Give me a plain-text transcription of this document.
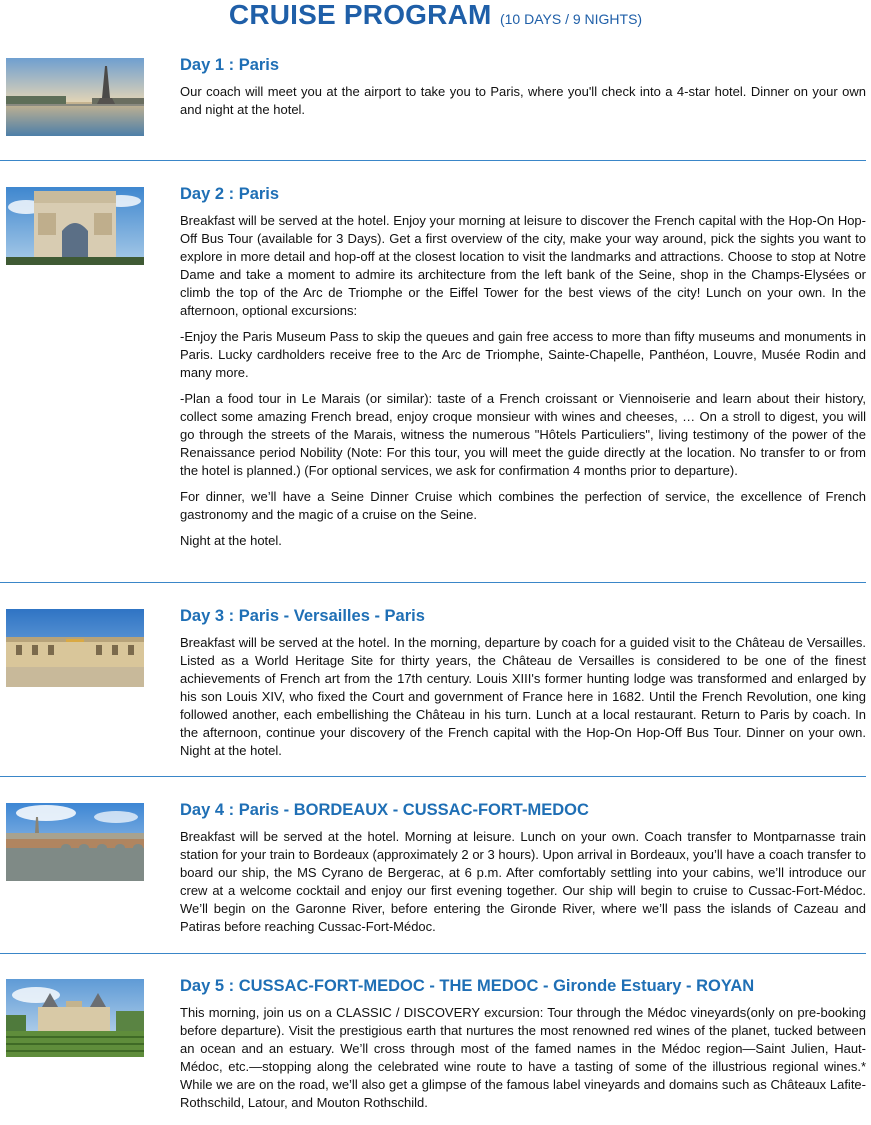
CRUISE PROGRAM (10 DAYS / 9 NIGHTS)
Day 1 : Paris

Our coach will meet you at the airport to take you to Paris, where you'll check into a 4-star hotel. Dinner on your own and night at the hotel.

Day 2 : Paris

Breakfast will be served at the hotel. Enjoy your morning at leisure to discover the French capital with the Hop-On Hop-Off Bus Tour (available for 3 Days). Get a first overview of the city, make your way around, pick the sights you want to explore in more detail and hop-off at the closest location to visit the landmarks and attractions. Choose to stop at Notre Dame and take a moment to admire its architecture from the left bank of the Seine, shop in the Champs-Elysées or climb the top of the Arc de Triomphe or the Eiffel Tower for the best views of the city! Lunch on your own. In the afternoon, optional excursions:

-Enjoy the Paris Museum Pass to skip the queues and gain free access to more than fifty museums and monuments in Paris. Lucky cardholders receive free to the Arc de Triomphe, Sainte-Chapelle, Panthéon, Louvre, Musée Rodin and many more.

-Plan a food tour in Le Marais (or similar): taste of a French croissant or Viennoiserie and learn about their history, collect some amazing French bread, enjoy croque monsieur with wines and cheeses, … On a stroll to digest, you will go through the streets of the Marais, witness the numerous "Hôtels Particuliers", living testimony of the power of the Renaissance period Nobility (Note: For this tour, you will meet the guide directly at the location. No transfer to or from the hotel is planned.) (For optional services, we ask for confirmation 4 months prior to departure).

For dinner, we’ll have a Seine Dinner Cruise which combines the perfection of service, the excellence of French gastronomy and the magic of a cruise on the Seine.

Night at the hotel.

Day 3 : Paris - Versailles - Paris

Breakfast will be served at the hotel. In the morning, departure by coach for a guided visit to the Château de Versailles. Listed as a World Heritage Site for thirty years, the Château de Versailles is considered to be one of the finest achievements of French art from the 17th century. Louis XIII's former hunting lodge was transformed and enlarged by his son Louis XIV, who fixed the Court and government of France here in 1682. Until the French Revolution, one king followed another, each embellishing the Château in his turn. Lunch at a local restaurant. Return to Paris by coach. In the afternoon, continue your discovery of the French capital with the Hop-On Hop-Off Bus Tour. Dinner on your own. Night at the hotel.

Day 4 : Paris - BORDEAUX - CUSSAC-FORT-MEDOC

Breakfast will be served at the hotel. Morning at leisure. Lunch on your own. Coach transfer to Montparnasse train station for your train to Bordeaux (approximately 2 or 3 hours). Upon arrival in Bordeaux, you’ll have a coach transfer to board our ship, the MS Cyrano de Bergerac, at 6 p.m. After comfortably settling into your cabins, we’ll introduce our crew at a welcome cocktail and enjoy our first evening together. Our ship will begin to cruise to Cussac-Fort-Médoc. We’ll begin on the Garonne River, before entering the Gironde River, where we’ll pass the islands of Cazeau and Patiras before reaching Cussac-Fort-Médoc.

Day 5 : CUSSAC-FORT-MEDOC - THE MEDOC - Gironde Estuary - ROYAN

This morning, join us on a CLASSIC / DISCOVERY excursion: Tour through the Médoc vineyards(only on pre-booking before departure). Visit the prestigious earth that nurtures the most renowned red wines of the planet, tucked between an ocean and an estuary. We’ll cross through most of the famed names in the Médoc region—Saint Julien, Haut-Médoc, etc.—stopping along the celebrated wine route to have a tasting of some of the illustrious regional wines.* While we are on the road, we’ll also get a glimpse of the famous label vineyards and domains such as Châteaux Lafite-Rothschild, Latour, and Mouton Rothschild.
